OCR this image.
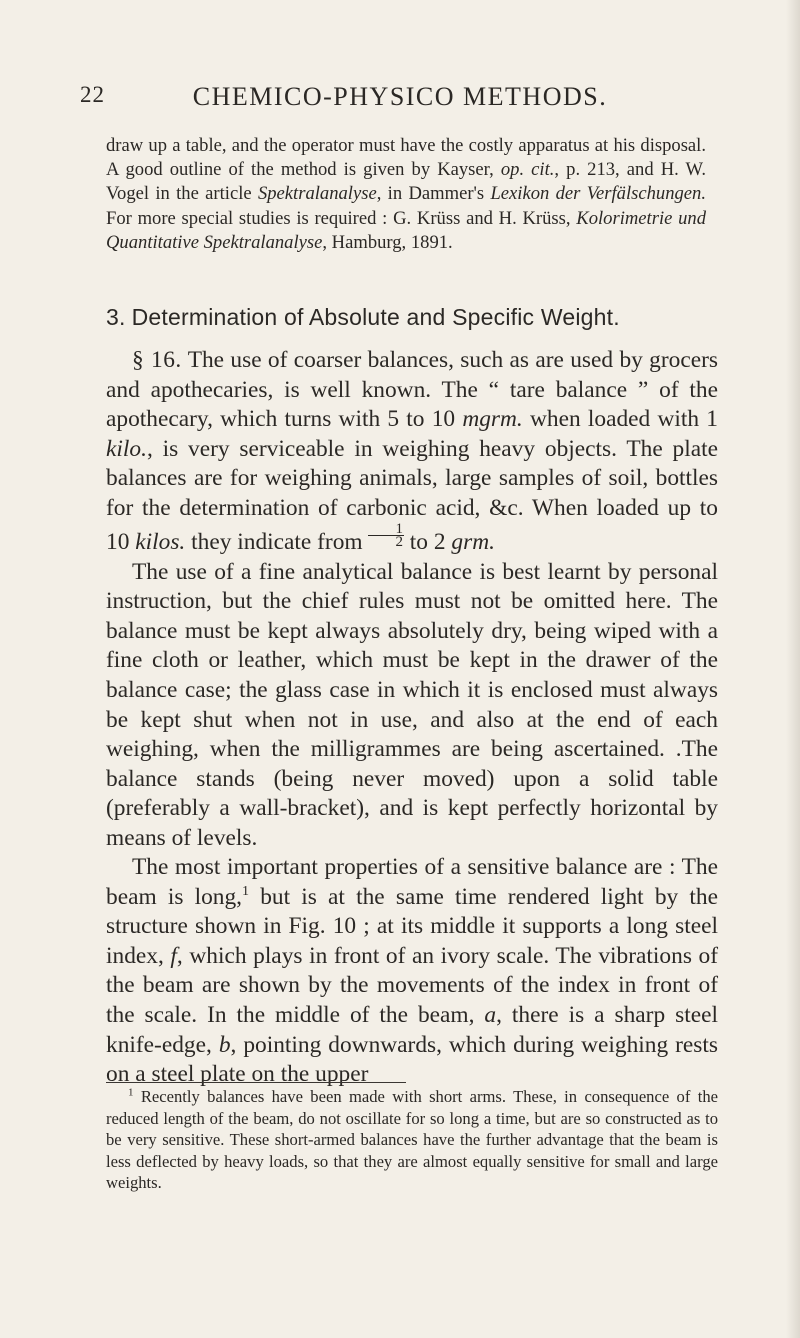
22	CHEMICO-PHYSICO METHODS.
draw up a table, and the operator must have the costly apparatus at his disposal. A good outline of the method is given by Kayser, op. cit., p. 213, and H. W. Vogel in the article Spektralanalyse, in Dammer's Lexikon der Verfälschungen. For more special studies is required : G. Krüss and H. Krüss, Kolorimetrie und Quantitative Spektralanalyse, Hamburg, 1891.
3. Determination of Absolute and Specific Weight.

§ 16. The use of coarser balances, such as are used by grocers and apothecaries, is well known. The “ tare balance ” of the apothecary, which turns with 5 to 10 mgrm. when loaded with 1 kilo., is very serviceable in weighing heavy objects. The plate balances are for weighing animals, large samples of soil, bottles for the determination of carbonic acid, &c. When loaded up to 10 kilos. they indicate from $\frac{1}{2}$ to 2 grm.

The use of a fine analytical balance is best learnt by personal instruction, but the chief rules must not be omitted here. The balance must be kept always absolutely dry, being wiped with a fine cloth or leather, which must be kept in the drawer of the balance case; the glass case in which it is enclosed must always be kept shut when not in use, and also at the end of each weighing, when the milligrammes are being ascertained. .The balance stands (being never moved) upon a solid table (preferably a wall-bracket), and is kept perfectly horizontal by means of levels.

The most important properties of a sensitive balance are : The beam is long,$^1$ but is at the same time rendered light by the structure shown in Fig. 10 ; at its middle it supports a long steel index, f, which plays in front of an ivory scale. The vibrations of the beam are shown by the movements of the index in front of the scale. In the middle of the beam, a, there is a sharp steel knife-edge, b, pointing downwards, which during weighing rests on a steel plate on the upper

$^1$ Recently balances have been made with short arms. These, in consequence of the reduced length of the beam, do not oscillate for so long a time, but are so constructed as to be very sensitive. These short-armed balances have the further advantage that the beam is less deflected by heavy loads, so that they are almost equally sensitive for small and large weights.
